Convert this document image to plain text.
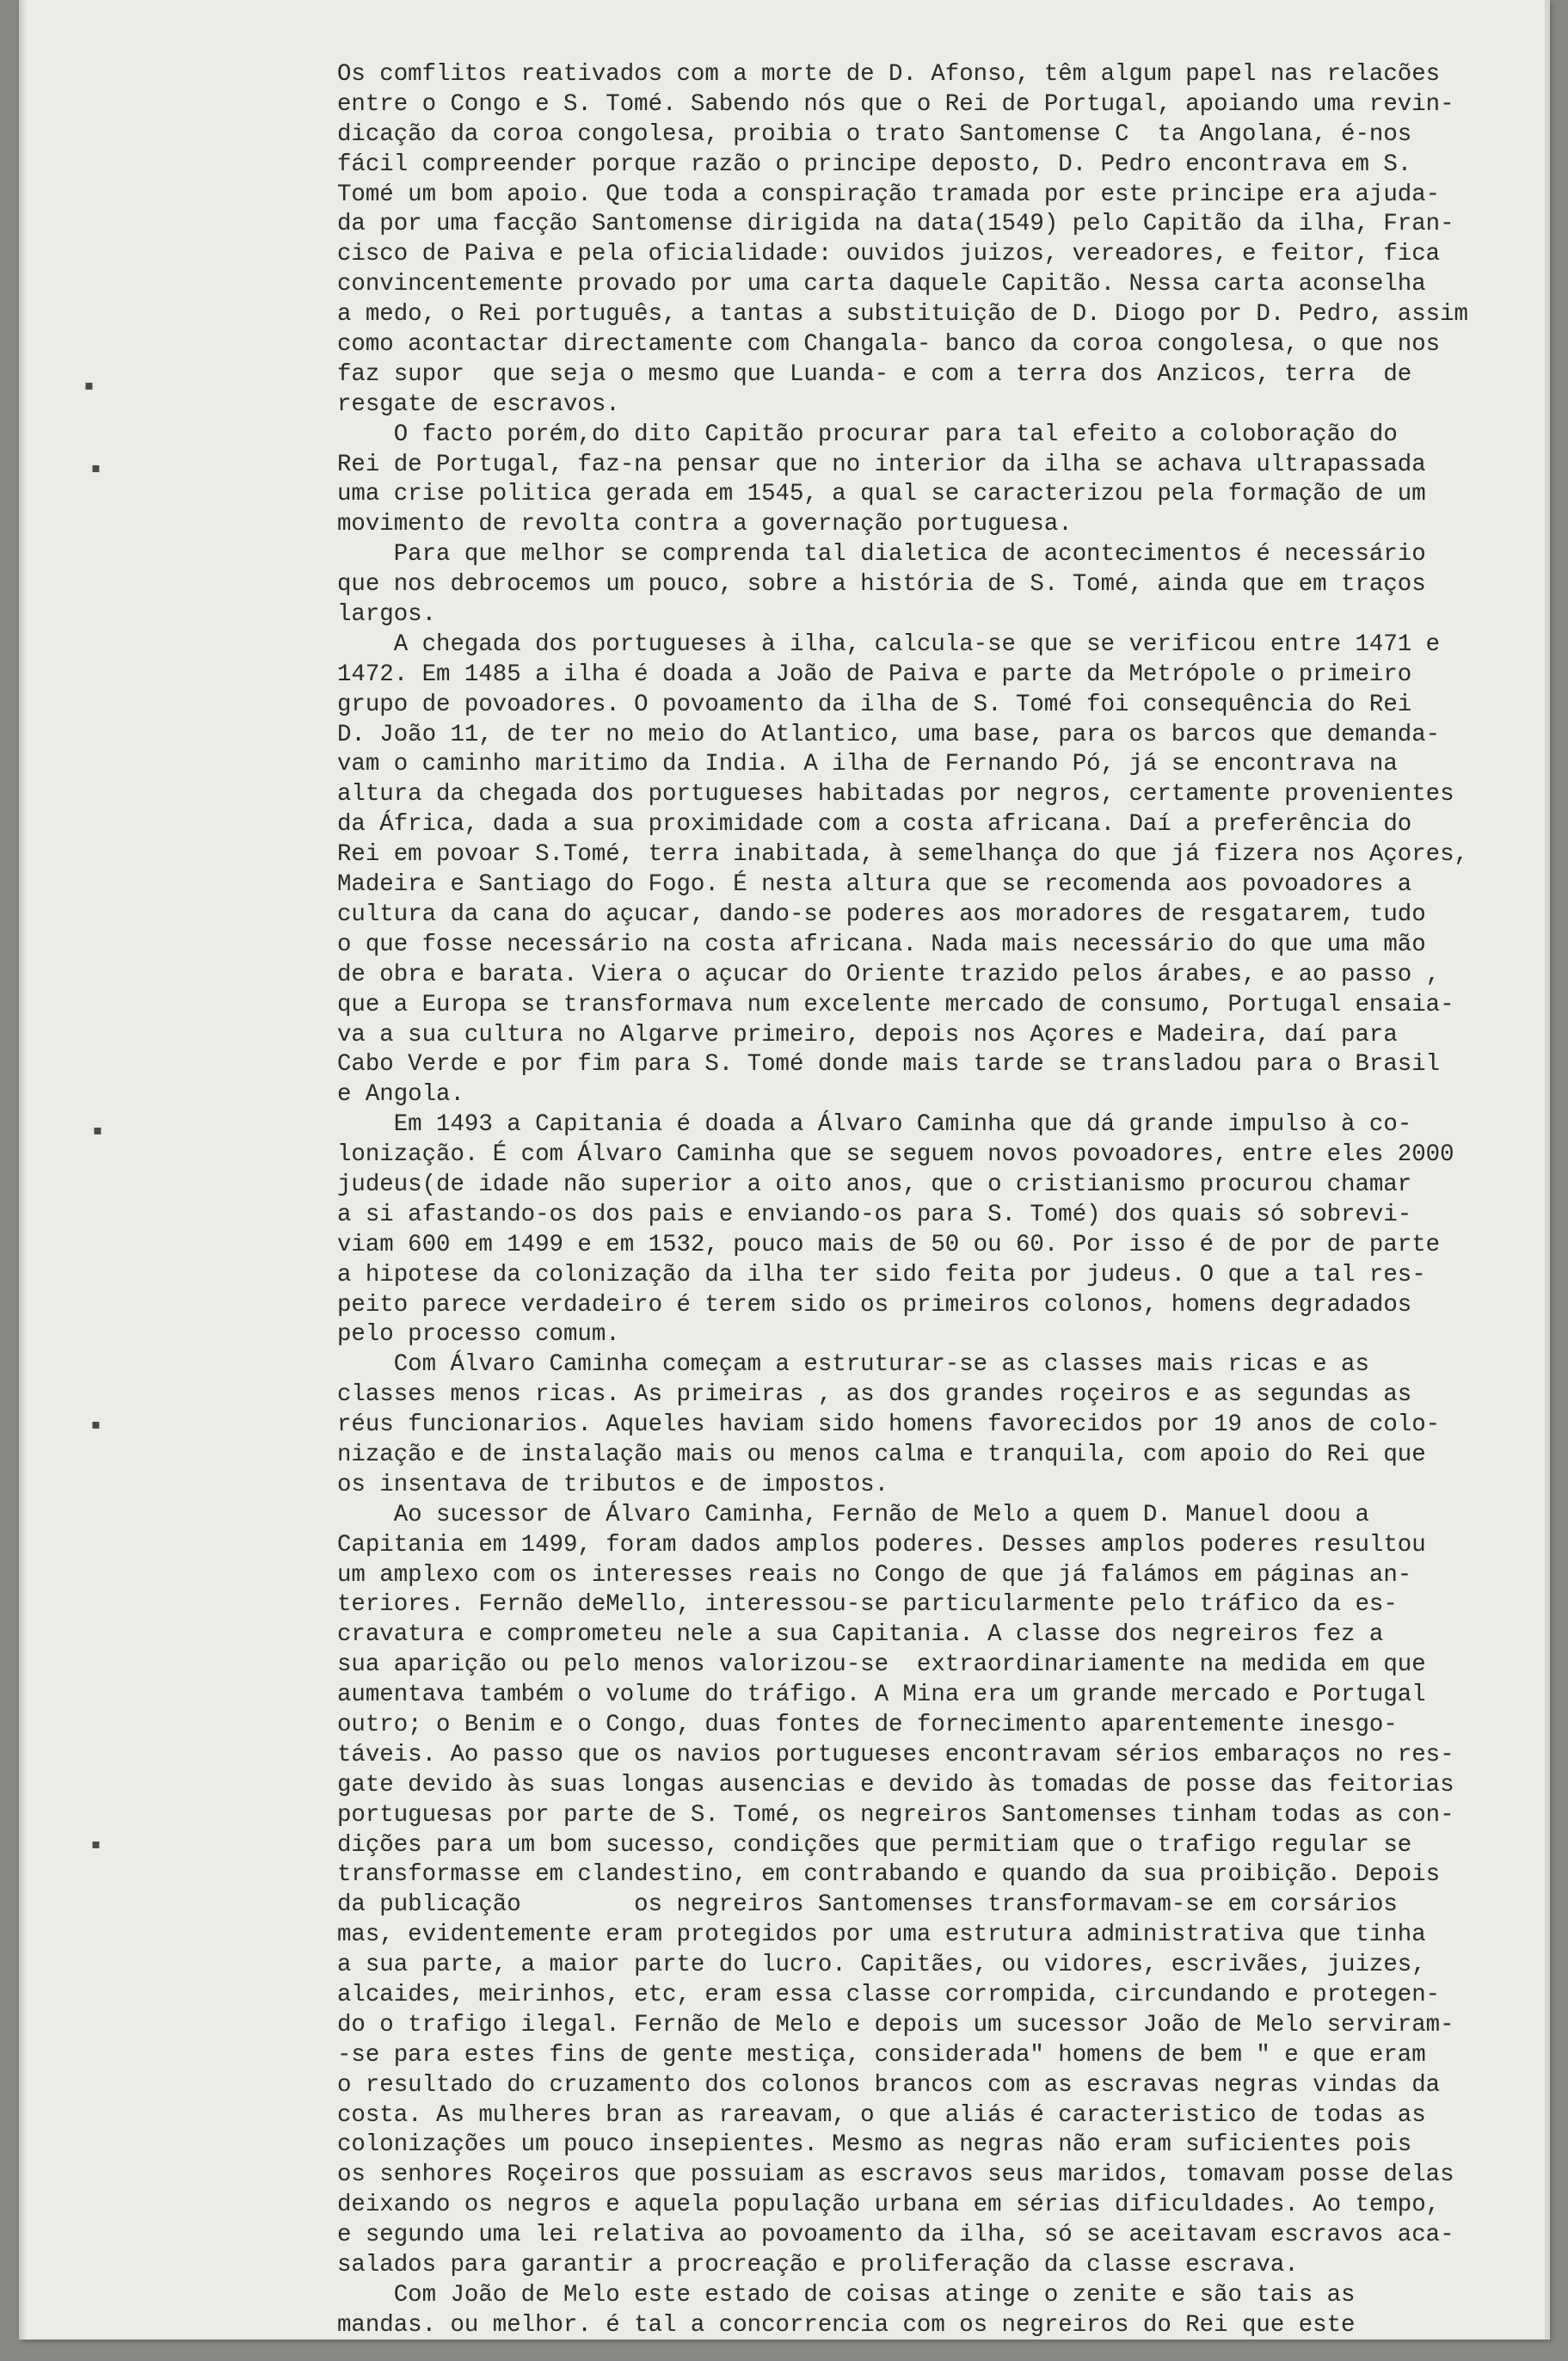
▪
▪
▪
▪
▪
Os comflitos reativados com a morte de D. Afonso, têm algum papel nas relacões
entre o Congo e S. Tomé. Sabendo nós que o Rei de Portugal, apoiando uma revin-
dicação da coroa congolesa, proibia o trato Santomense C  ta Angolana, é-nos
fácil compreender porque razão o principe deposto, D. Pedro encontrava em S.
Tomé um bom apoio. Que toda a conspiração tramada por este principe era ajuda-
da por uma facção Santomense dirigida na data(1549) pelo Capitão da ilha, Fran-
cisco de Paiva e pela oficialidade: ouvidos juizos, vereadores, e feitor, fica
convincentemente provado por uma carta daquele Capitão. Nessa carta aconselha
a medo, o Rei português, a tantas a substituição de D. Diogo por D. Pedro, assim
como acontactar directamente com Changala- banco da coroa congolesa, o que nos
faz supor  que seja o mesmo que Luanda- e com a terra dos Anzicos, terra  de
resgate de escravos.
O facto porém,do dito Capitão procurar para tal efeito a coloboração do
Rei de Portugal, faz-na pensar que no interior da ilha se achava ultrapassada
uma crise politica gerada em 1545, a qual se caracterizou pela formação de um
movimento de revolta contra a governação portuguesa.
Para que melhor se comprenda tal dialetica de acontecimentos é necessário
que nos debrocemos um pouco, sobre a história de S. Tomé, ainda que em traços
largos.
A chegada dos portugueses à ilha, calcula-se que se verificou entre 1471 e
1472. Em 1485 a ilha é doada a João de Paiva e parte da Metrópole o primeiro
grupo de povoadores. O povoamento da ilha de S. Tomé foi consequência do Rei
D. João 11, de ter no meio do Atlantico, uma base, para os barcos que demanda-
vam o caminho maritimo da India. A ilha de Fernando Pó, já se encontrava na
altura da chegada dos portugueses habitadas por negros, certamente provenientes
da África, dada a sua proximidade com a costa africana. Daí a preferência do
Rei em povoar S.Tomé, terra inabitada, à semelhança do que já fizera nos Açores,
Madeira e Santiago do Fogo. É nesta altura que se recomenda aos povoadores a
cultura da cana do açucar, dando-se poderes aos moradores de resgatarem, tudo
o que fosse necessário na costa africana. Nada mais necessário do que uma mão
de obra e barata. Viera o açucar do Oriente trazido pelos árabes, e ao passo ,
que a Europa se transformava num excelente mercado de consumo, Portugal ensaia-
va a sua cultura no Algarve primeiro, depois nos Açores e Madeira, daí para
Cabo Verde e por fim para S. Tomé donde mais tarde se transladou para o Brasil
e Angola.
Em 1493 a Capitania é doada a Álvaro Caminha que dá grande impulso à co-
lonização. É com Álvaro Caminha que se seguem novos povoadores, entre eles 2000
judeus(de idade não superior a oito anos, que o cristianismo procurou chamar
a si afastando-os dos pais e enviando-os para S. Tomé) dos quais só sobrevi-
viam 600 em 1499 e em 1532, pouco mais de 50 ou 60. Por isso é de por de parte
a hipotese da colonização da ilha ter sido feita por judeus. O que a tal res-
peito parece verdadeiro é terem sido os primeiros colonos, homens degradados
pelo processo comum.
Com Álvaro Caminha começam a estruturar-se as classes mais ricas e as
classes menos ricas. As primeiras , as dos grandes roçeiros e as segundas as
réus funcionarios. Aqueles haviam sido homens favorecidos por 19 anos de colo-
nização e de instalação mais ou menos calma e tranquila, com apoio do Rei que
os insentava de tributos e de impostos.
Ao sucessor de Álvaro Caminha, Fernão de Melo a quem D. Manuel doou a
Capitania em 1499, foram dados amplos poderes. Desses amplos poderes resultou
um amplexo com os interesses reais no Congo de que já falámos em páginas an-
teriores. Fernão deMello, interessou-se particularmente pelo tráfico da es-
cravatura e comprometeu nele a sua Capitania. A classe dos negreiros fez a
sua aparição ou pelo menos valorizou-se  extraordinariamente na medida em que
aumentava também o volume do tráfigo. A Mina era um grande mercado e Portugal
outro; o Benim e o Congo, duas fontes de fornecimento aparentemente inesgo-
táveis. Ao passo que os navios portugueses encontravam sérios embaraços no res-
gate devido às suas longas ausencias e devido às tomadas de posse das feitorias
portuguesas por parte de S. Tomé, os negreiros Santomenses tinham todas as con-
dições para um bom sucesso, condições que permitiam que o trafigo regular se
transformasse em clandestino, em contrabando e quando da sua proibição. Depois
da publicação        os negreiros Santomenses transformavam-se em corsários
mas, evidentemente eram protegidos por uma estrutura administrativa que tinha
a sua parte, a maior parte do lucro. Capitães, ou vidores, escrivães, juizes,
alcaides, meirinhos, etc, eram essa classe corrompida, circundando e protegen-
do o trafigo ilegal. Fernão de Melo e depois um sucessor João de Melo serviram-
-se para estes fins de gente mestiça, considerada" homens de bem " e que eram
o resultado do cruzamento dos colonos brancos com as escravas negras vindas da
costa. As mulheres bran as rareavam, o que aliás é caracteristico de todas as
colonizações um pouco insepientes. Mesmo as negras não eram suficientes pois
os senhores Roçeiros que possuiam as escravos seus maridos, tomavam posse delas
deixando os negros e aquela população urbana em sérias dificuldades. Ao tempo,
e segundo uma lei relativa ao povoamento da ilha, só se aceitavam escravos aca-
salados para garantir a procreação e proliferação da classe escrava.
Com João de Melo este estado de coisas atinge o zenite e são tais as
mandas. ou melhor. é tal a concorrencia com os negreiros do Rei que este
